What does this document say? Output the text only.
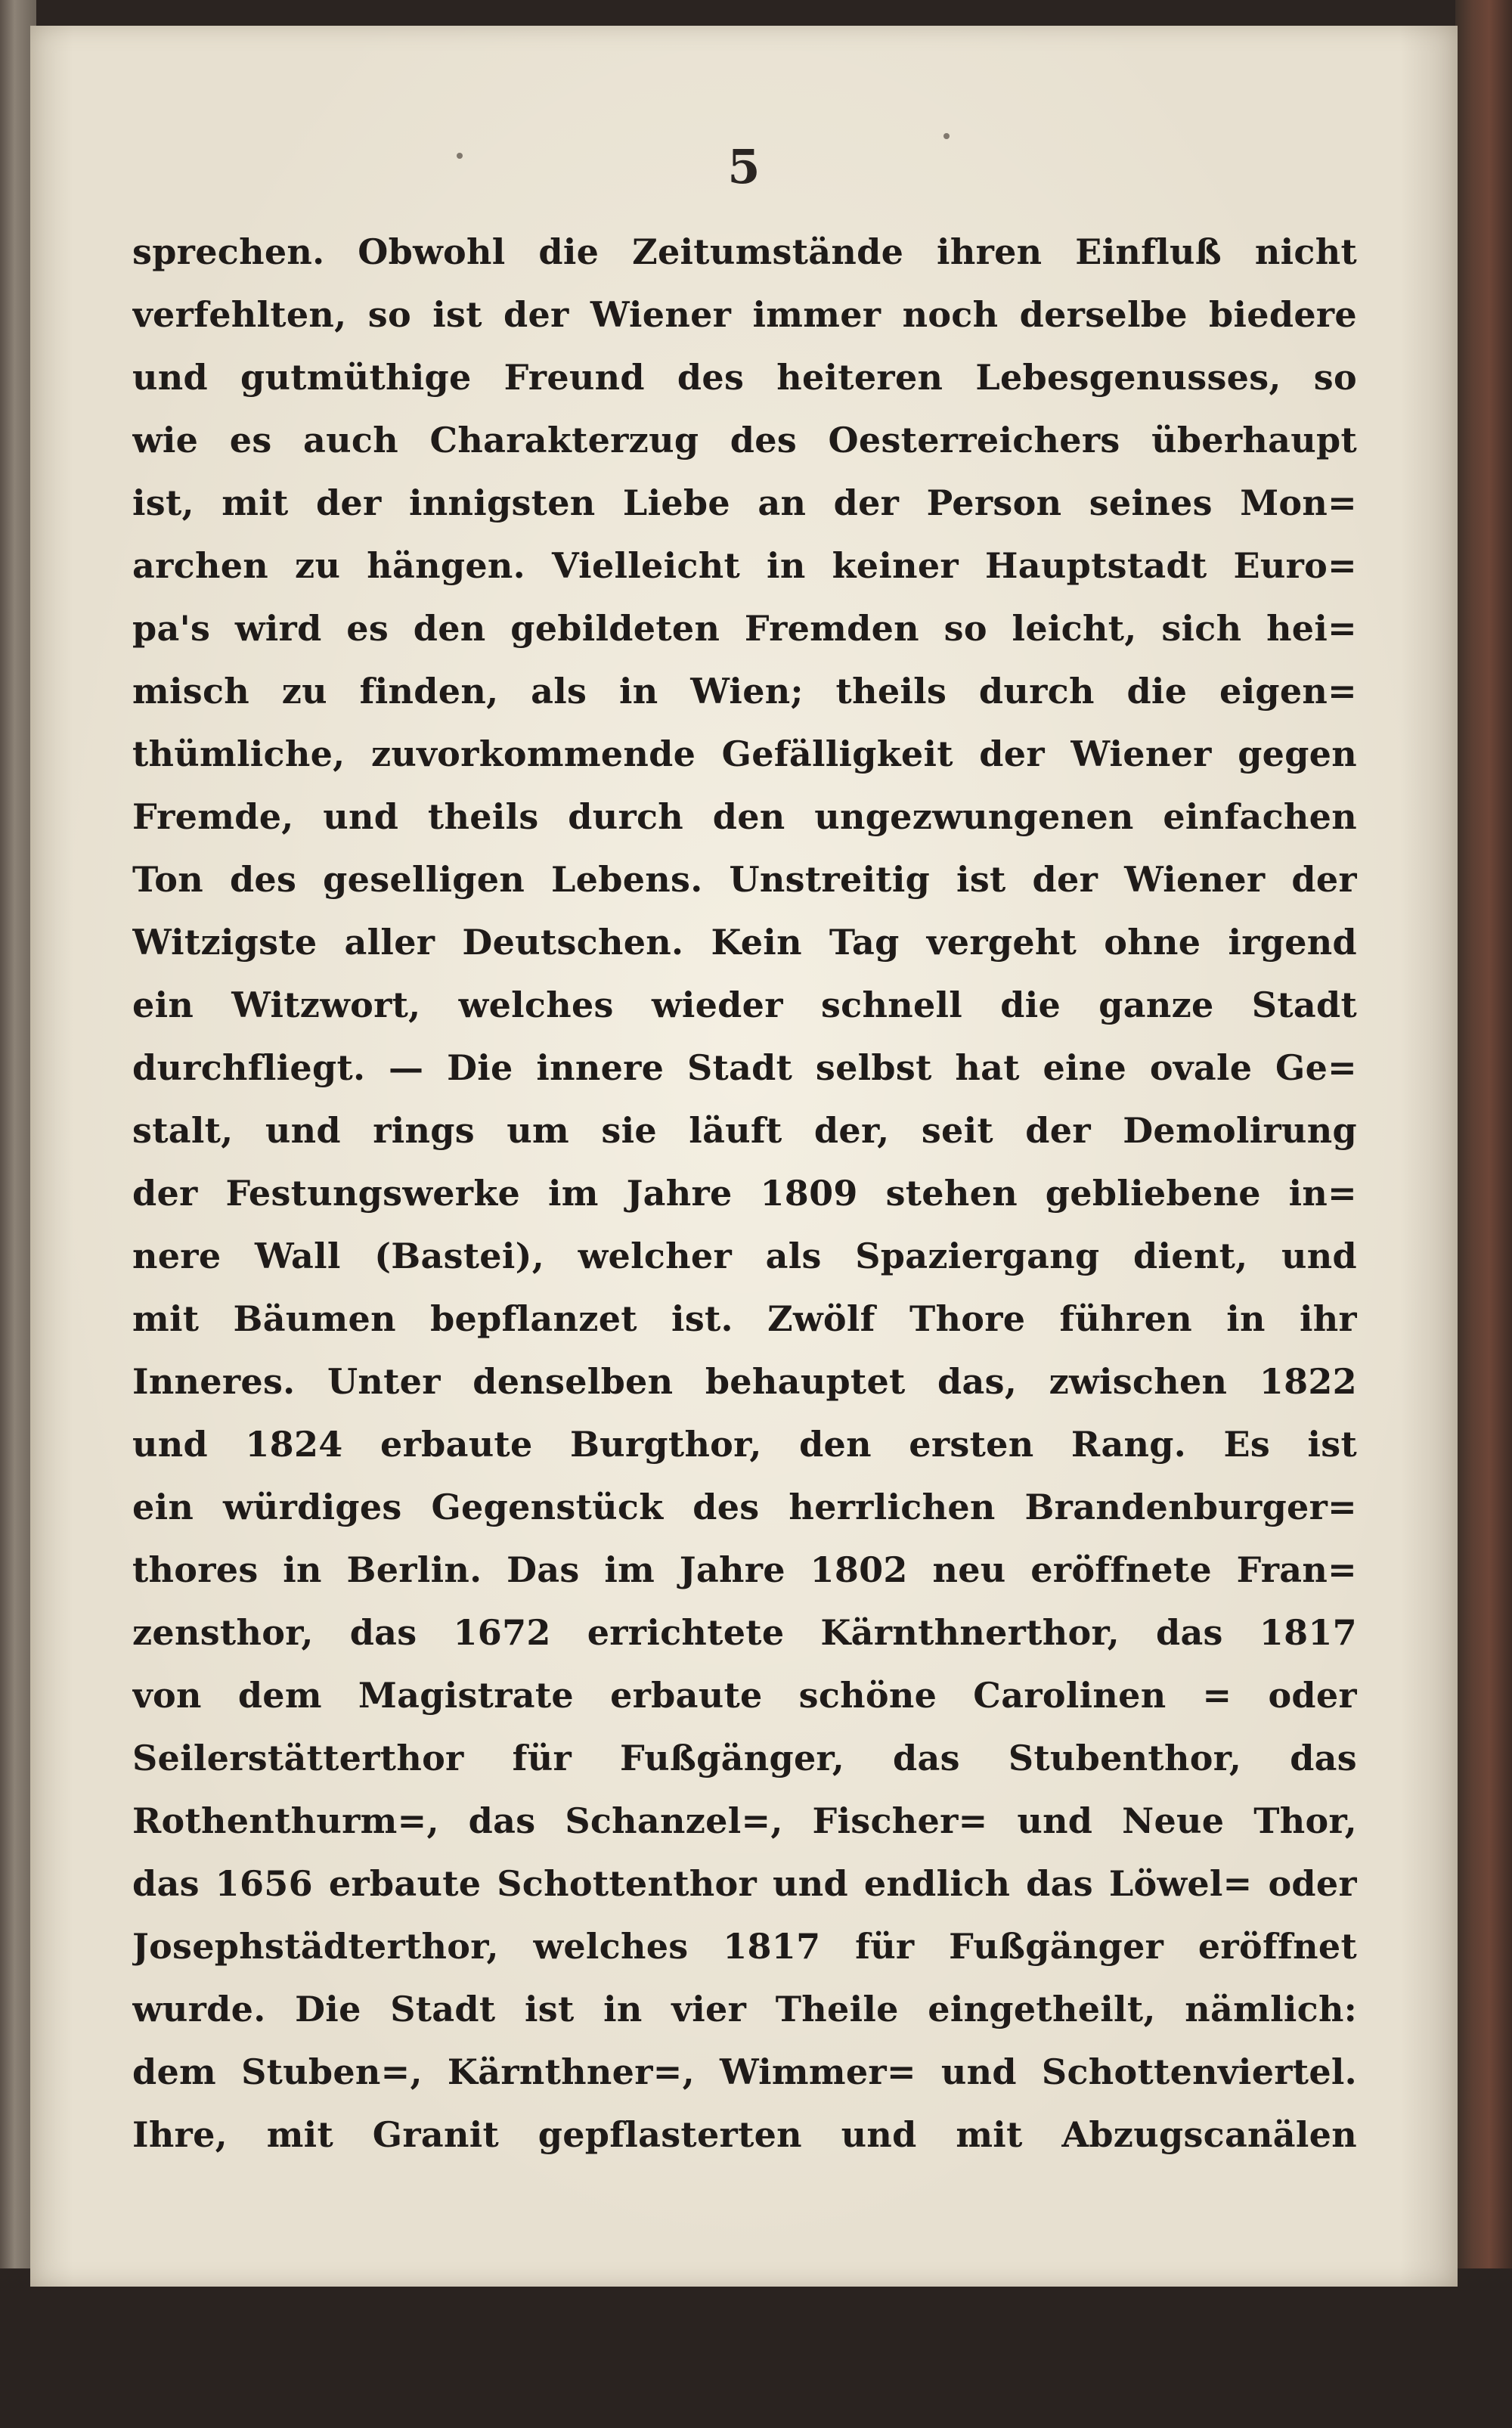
5
sprechen. Obwohl die Zeitumstände ihren Einfluß nicht
verfehlten, so ist der Wiener immer noch derselbe biedere
und gutmüthige Freund des heiteren Lebesgenusses, so
wie es auch Charakterzug des Oesterreichers überhaupt
ist, mit der innigsten Liebe an der Person seines Mon=
archen zu hängen. Vielleicht in keiner Hauptstadt Euro=
pa's wird es den gebildeten Fremden so leicht, sich hei=
misch zu finden, als in Wien; theils durch die eigen=
thümliche, zuvorkommende Gefälligkeit der Wiener gegen
Fremde, und theils durch den ungezwungenen einfachen
Ton des geselligen Lebens. Unstreitig ist der Wiener der
Witzigste aller Deutschen. Kein Tag vergeht ohne irgend
ein Witzwort, welches wieder schnell die ganze Stadt
durchfliegt. — Die innere Stadt selbst hat eine ovale Ge=
stalt, und rings um sie läuft der, seit der Demolirung
der Festungswerke im Jahre 1809 stehen gebliebene in=
nere Wall (Bastei), welcher als Spaziergang dient, und
mit Bäumen bepflanzet ist. Zwölf Thore führen in ihr
Inneres. Unter denselben behauptet das, zwischen 1822
und 1824 erbaute Burgthor, den ersten Rang. Es ist
ein würdiges Gegenstück des herrlichen Brandenburger=
thores in Berlin. Das im Jahre 1802 neu eröffnete Fran=
zensthor, das 1672 errichtete Kärnthnerthor, das 1817
von dem Magistrate erbaute schöne Carolinen = oder
Seilerstätterthor für Fußgänger, das Stubenthor, das
Rothenthurm=, das Schanzel=, Fischer= und Neue Thor,
das 1656 erbaute Schottenthor und endlich das Löwel= oder
Josephstädterthor, welches 1817 für Fußgänger eröffnet
wurde. Die Stadt ist in vier Theile eingetheilt, nämlich:
dem Stuben=, Kärnthner=, Wimmer= und Schottenviertel.
Ihre, mit Granit gepflasterten und mit Abzugscanälen
